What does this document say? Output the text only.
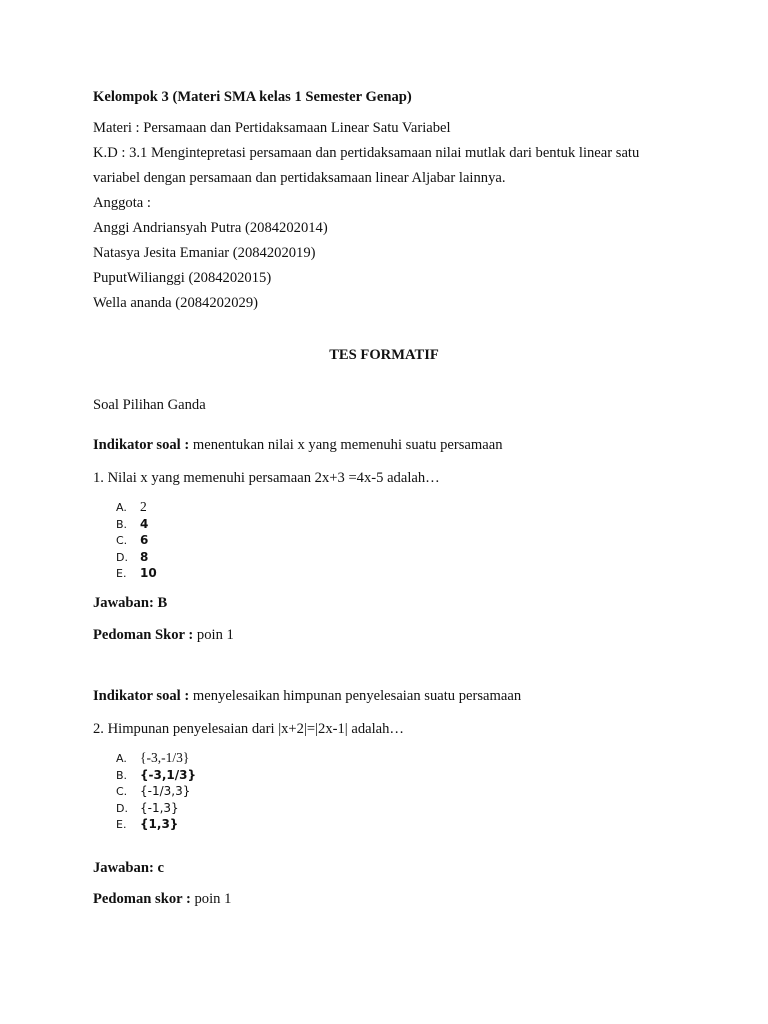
Kelompok 3 (Materi SMA kelas 1 Semester Genap)
Materi : Persamaan dan Pertidaksamaan Linear Satu Variabel
K.D : 3.1 Mengintepretasi persamaan dan pertidaksamaan nilai mutlak dari bentuk linear satu
variabel dengan persamaan dan pertidaksamaan linear Aljabar lainnya.
Anggota :
Anggi Andriansyah Putra (2084202014)
Natasya Jesita Emaniar (2084202019)
PuputWilianggi (2084202015)
Wella ananda (2084202029)
TES FORMATIF
Soal Pilihan Ganda
Indikator soal : menentukan nilai x yang memenuhi suatu persamaan
1. Nilai x yang memenuhi persamaan 2x+3 =4x-5 adalah…
A. 2
B. 4
C. 6
D. 8
E. 10
Jawaban: B
Pedoman Skor : poin 1
Indikator soal : menyelesaikan himpunan penyelesaian suatu persamaan
2. Himpunan penyelesaian dari |x+2|=|2x-1| adalah…
A. {-3,-1/3}
B. {-3,1/3}
C. {-1/3,3}
D. {-1,3}
E. {1,3}
Jawaban: c
Pedoman skor : poin 1
